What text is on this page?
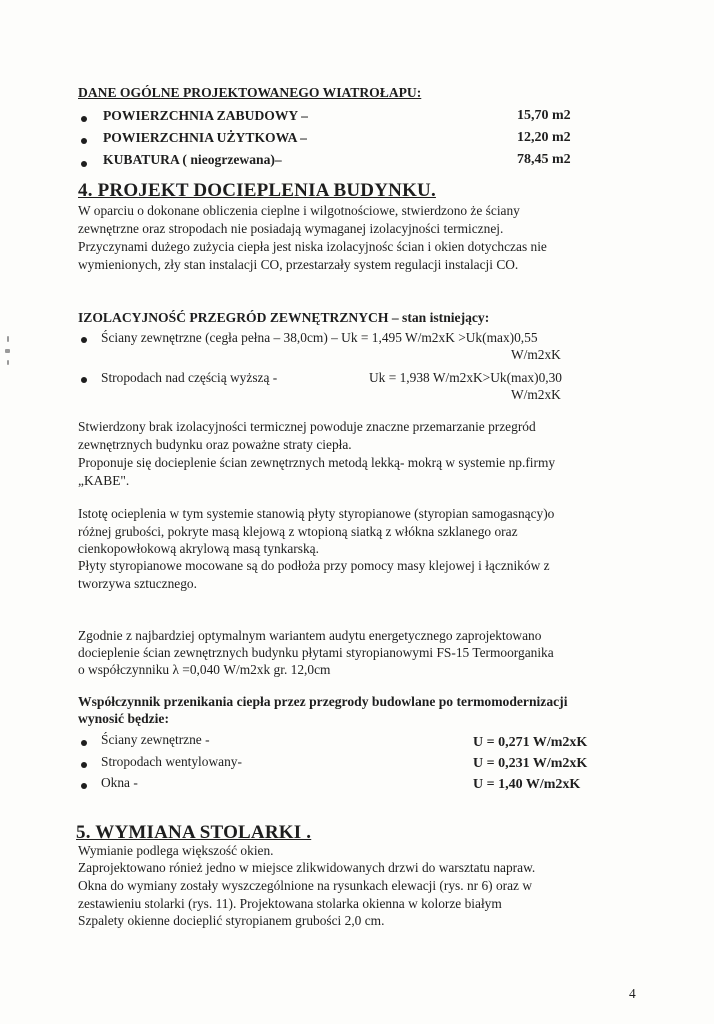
DANE OGÓLNE PROJEKTOWANEGO WIATROŁAPU:
POWIERZCHNIA ZABUDOWY –	15,70 m2
POWIERZCHNIA UŻYTKOWA –	12,20 m2
KUBATURA ( nieogrzewana)–	78,45 m2
4. PROJEKT DOCIEPLENIA BUDYNKU.
W oparciu o dokonane obliczenia cieplne i wilgotnościowe, stwierdzono że ściany
zewnętrzne oraz stropodach nie posiadają wymaganej izolacyjności termicznej.
Przyczynami dużego zużycia ciepła jest niska izolacyjnośc ścian i okien dotychczas nie
wymienionych, zły stan instalacji CO, przestarzały system regulacji instalacji CO.
IZOLACYJNOŚĆ PRZEGRÓD ZEWNĘTRZNYCH – stan istniejący:
Ściany zewnętrzne (cegła pełna – 38,0cm) – Uk = 1,495 W/m2xK >Uk(max)0,55
W/m2xK
Stropodach nad częścią wyższą -	Uk = 1,938 W/m2xK>Uk(max)0,30
W/m2xK
Stwierdzony brak izolacyjności termicznej powoduje znaczne przemarzanie przegród
zewnętrznych budynku oraz poważne straty ciepła.
Proponuje się docieplenie ścian zewnętrznych metodą lekką- mokrą w systemie np.firmy
„KABE".
Istotę ocieplenia w tym systemie stanowią płyty styropianowe (styropian samogasnący)o
różnej grubości, pokryte masą klejową z wtopioną siatką z włókna szklanego oraz
cienkopowłokową akrylową masą tynkarską.
Płyty styropianowe mocowane są do podłoża przy pomocy masy klejowej i łączników z
tworzywa sztucznego.
Zgodnie z najbardziej optymalnym wariantem audytu energetycznego zaprojektowano
docieplenie ścian zewnętrznych budynku płytami styropianowymi FS-15 Termoorganika
o współczynniku λ =0,040 W/m2xk gr. 12,0cm
Współczynnik przenikania ciepła przez przegrody budowlane po termomodernizacji
wynosić będzie:
Ściany zewnętrzne -	U = 0,271 W/m2xK
Stropodach wentylowany-	U = 0,231 W/m2xK
Okna -	U = 1,40 W/m2xK
5. WYMIANA STOLARKI .
Wymianie podlega większość okien.
Zaprojektowano rónież jedno w miejsce zlikwidowanych drzwi do warsztatu napraw.
Okna do wymiany zostały wyszczególnione na rysunkach elewacji (rys. nr 6) oraz w
zestawieniu stolarki (rys. 11). Projektowana stolarka okienna w kolorze białym
Szpalety okienne docieplić styropianem grubości 2,0 cm.
4
